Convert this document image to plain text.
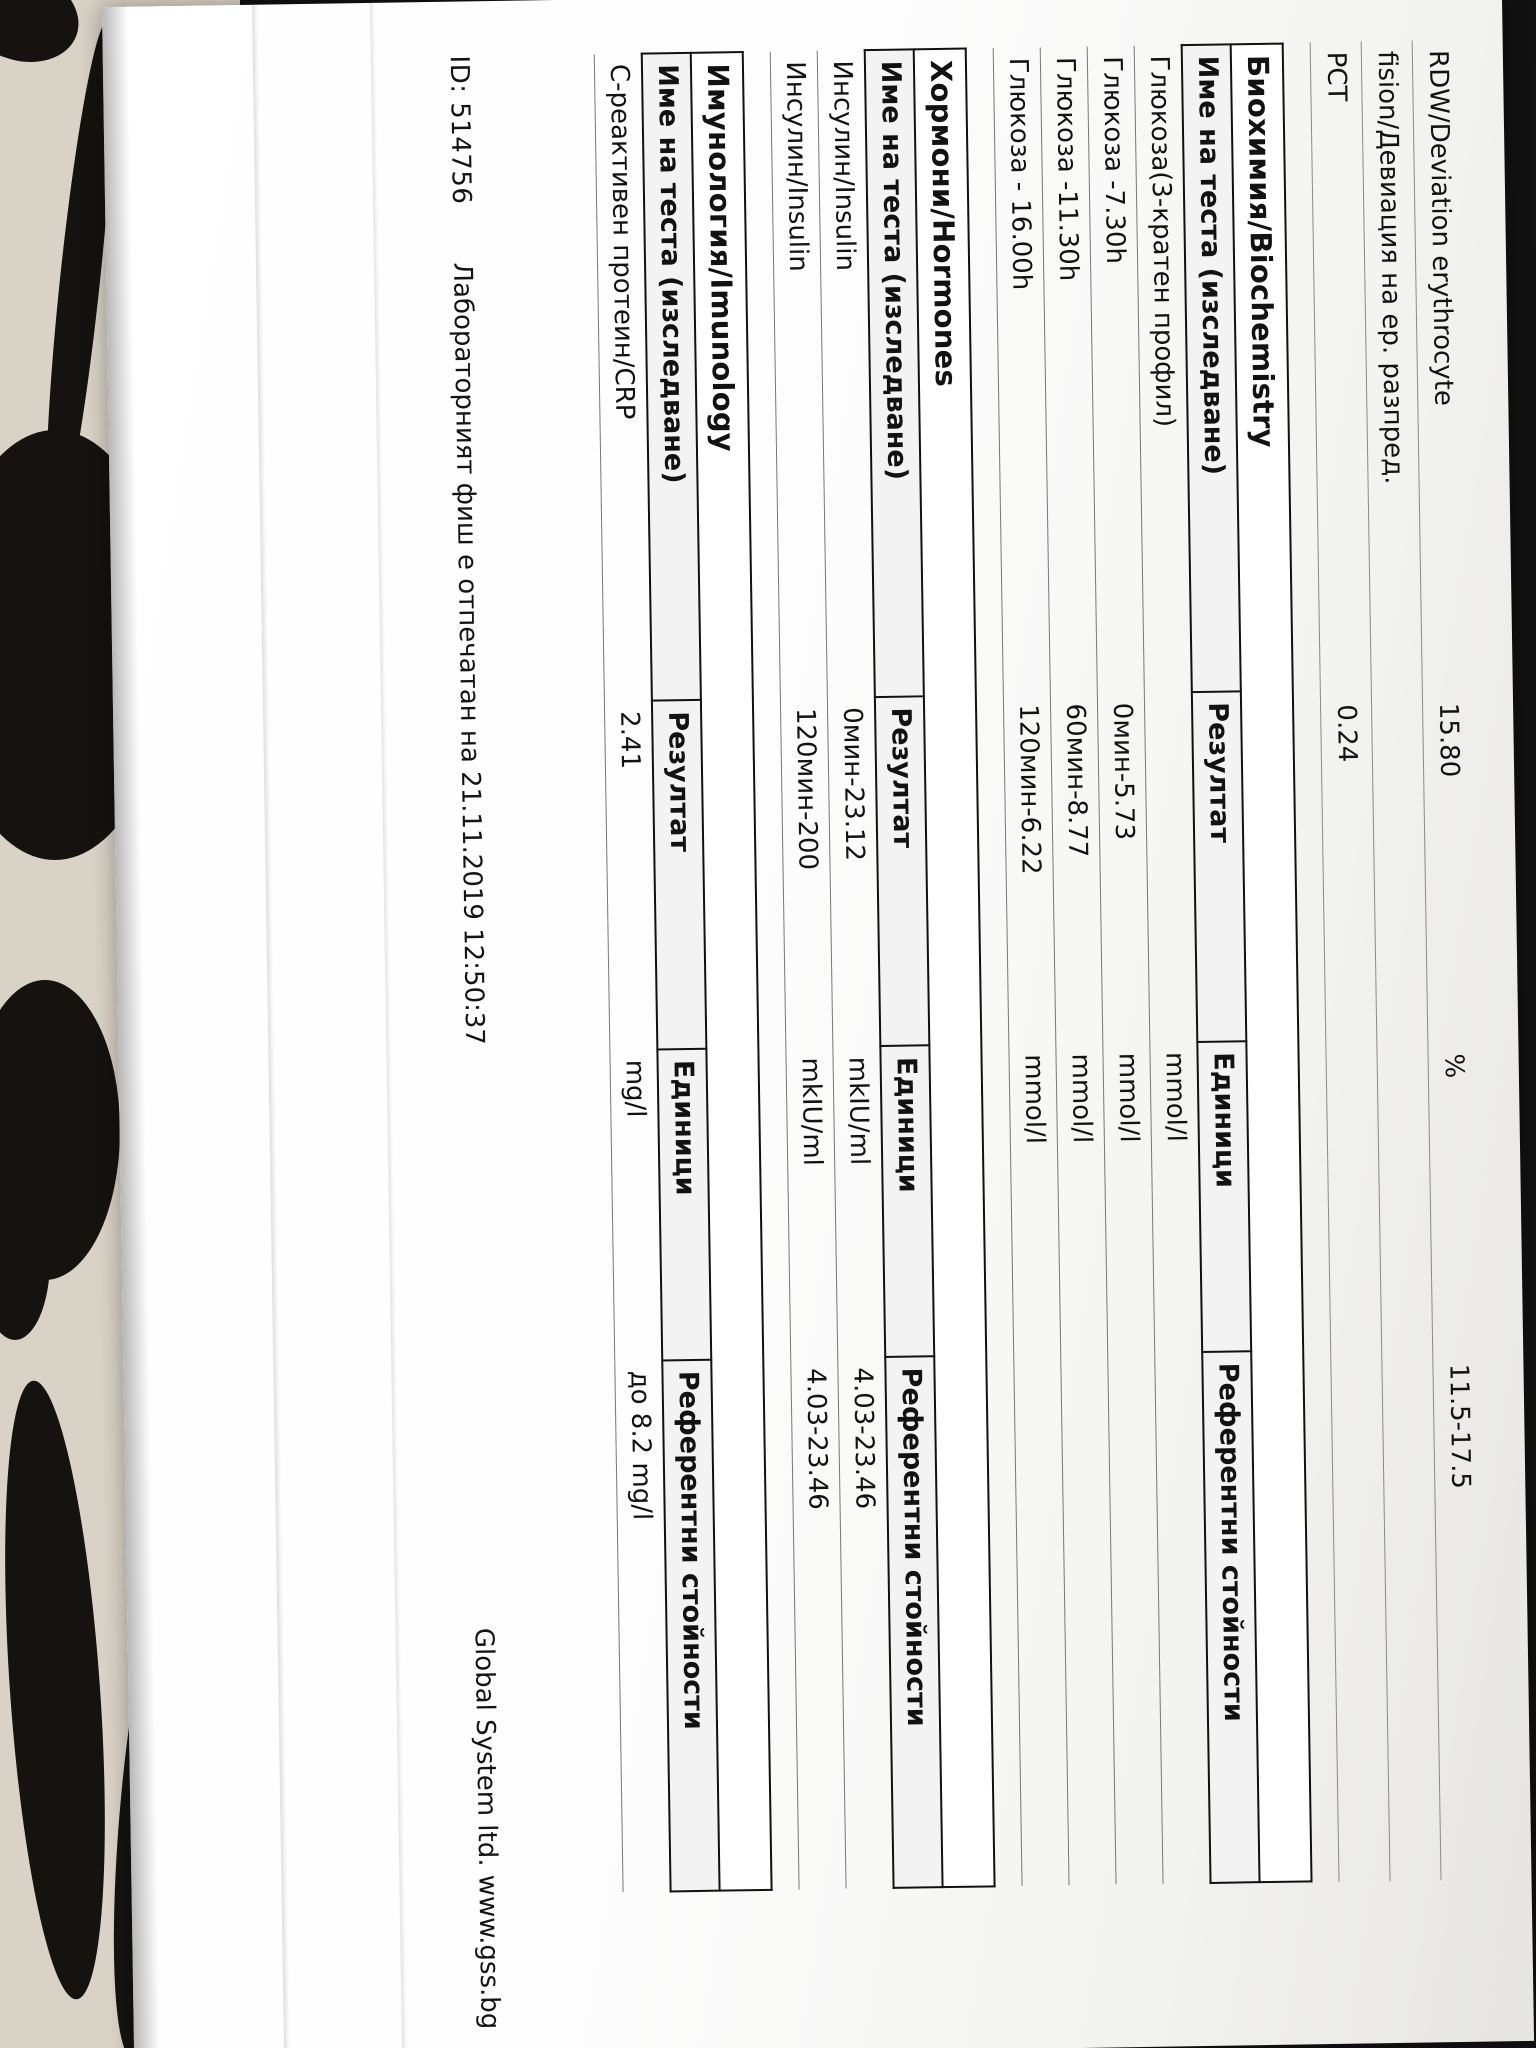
RDW/Deviation erythrocyte	15.80	%	11.5-17.5
fision/Девиация на ер. разпред.			
PCT	0.24		
Биохимия/Biochemistry			
Име на теста (изследване)	Резултат	Единици	Референтни стойности
Глюкоза(3-кратен профил)		mmol/l	
Глюкоза -7.30h	0мин-5.73	mmol/l	
Глюкоза -11.30h	60мин-8.77	mmol/l	
Глюкоза - 16.00h	120мин-6.22	mmol/l	
Хормони/Hormones			
Име на теста (изследване)	Резултат	Единици	Референтни стойности
Инсулин/Insulin	0мин-23.12	mkIU/ml	4.03-23.46
Инсулин/Insulin	120мин-200	mkIU/ml	4.03-23.46
Имунология/Imunology			
Име на теста (изследване)	Резултат	Единици	Референтни стойности
С-реактивен протеин/CRP	2.41	mg/l	до 8.2 mg/l
ID: 514756
Лабораторният фиш е отпечатан на 21.11.2019 12:50:37
Global System ltd. www.gss.bg
